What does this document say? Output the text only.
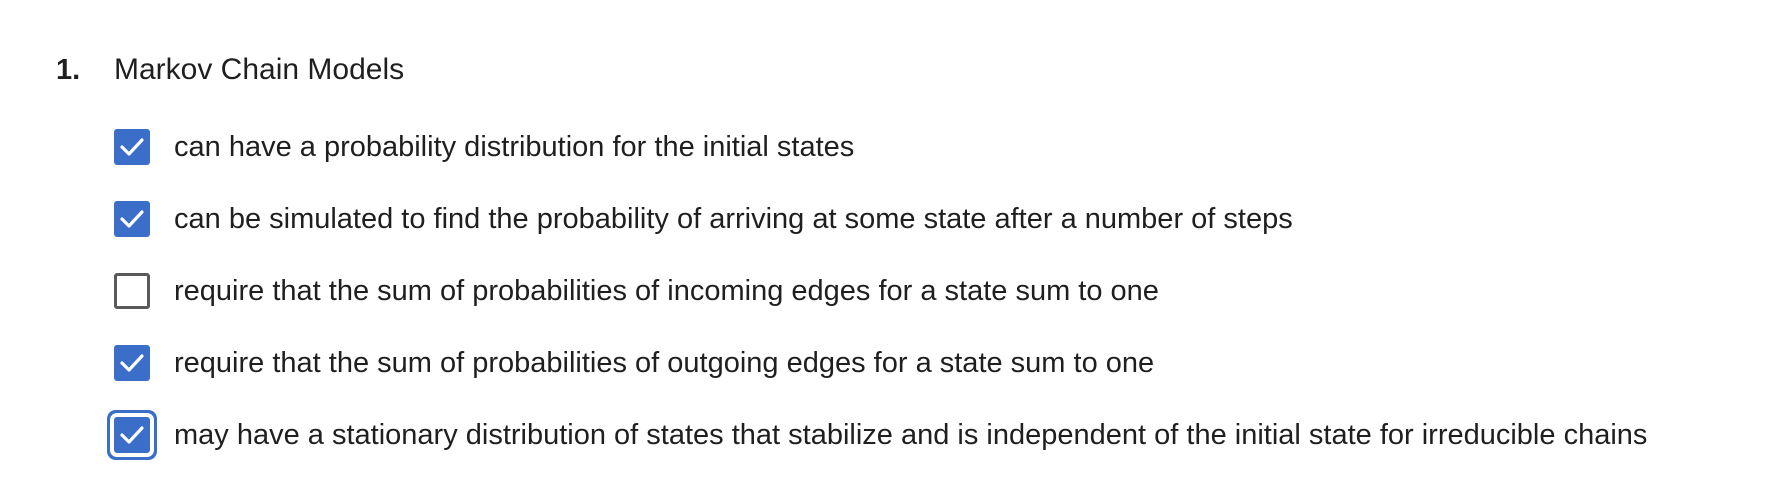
1.	Markov Chain Models
can have a probability distribution for the initial states
can be simulated to find the probability of arriving at some state after a number of steps
require that the sum of probabilities of incoming edges for a state sum to one
require that the sum of probabilities of outgoing edges for a state sum to one
may have a stationary distribution of states that stabilize and is independent of the initial state for irreducible chains
